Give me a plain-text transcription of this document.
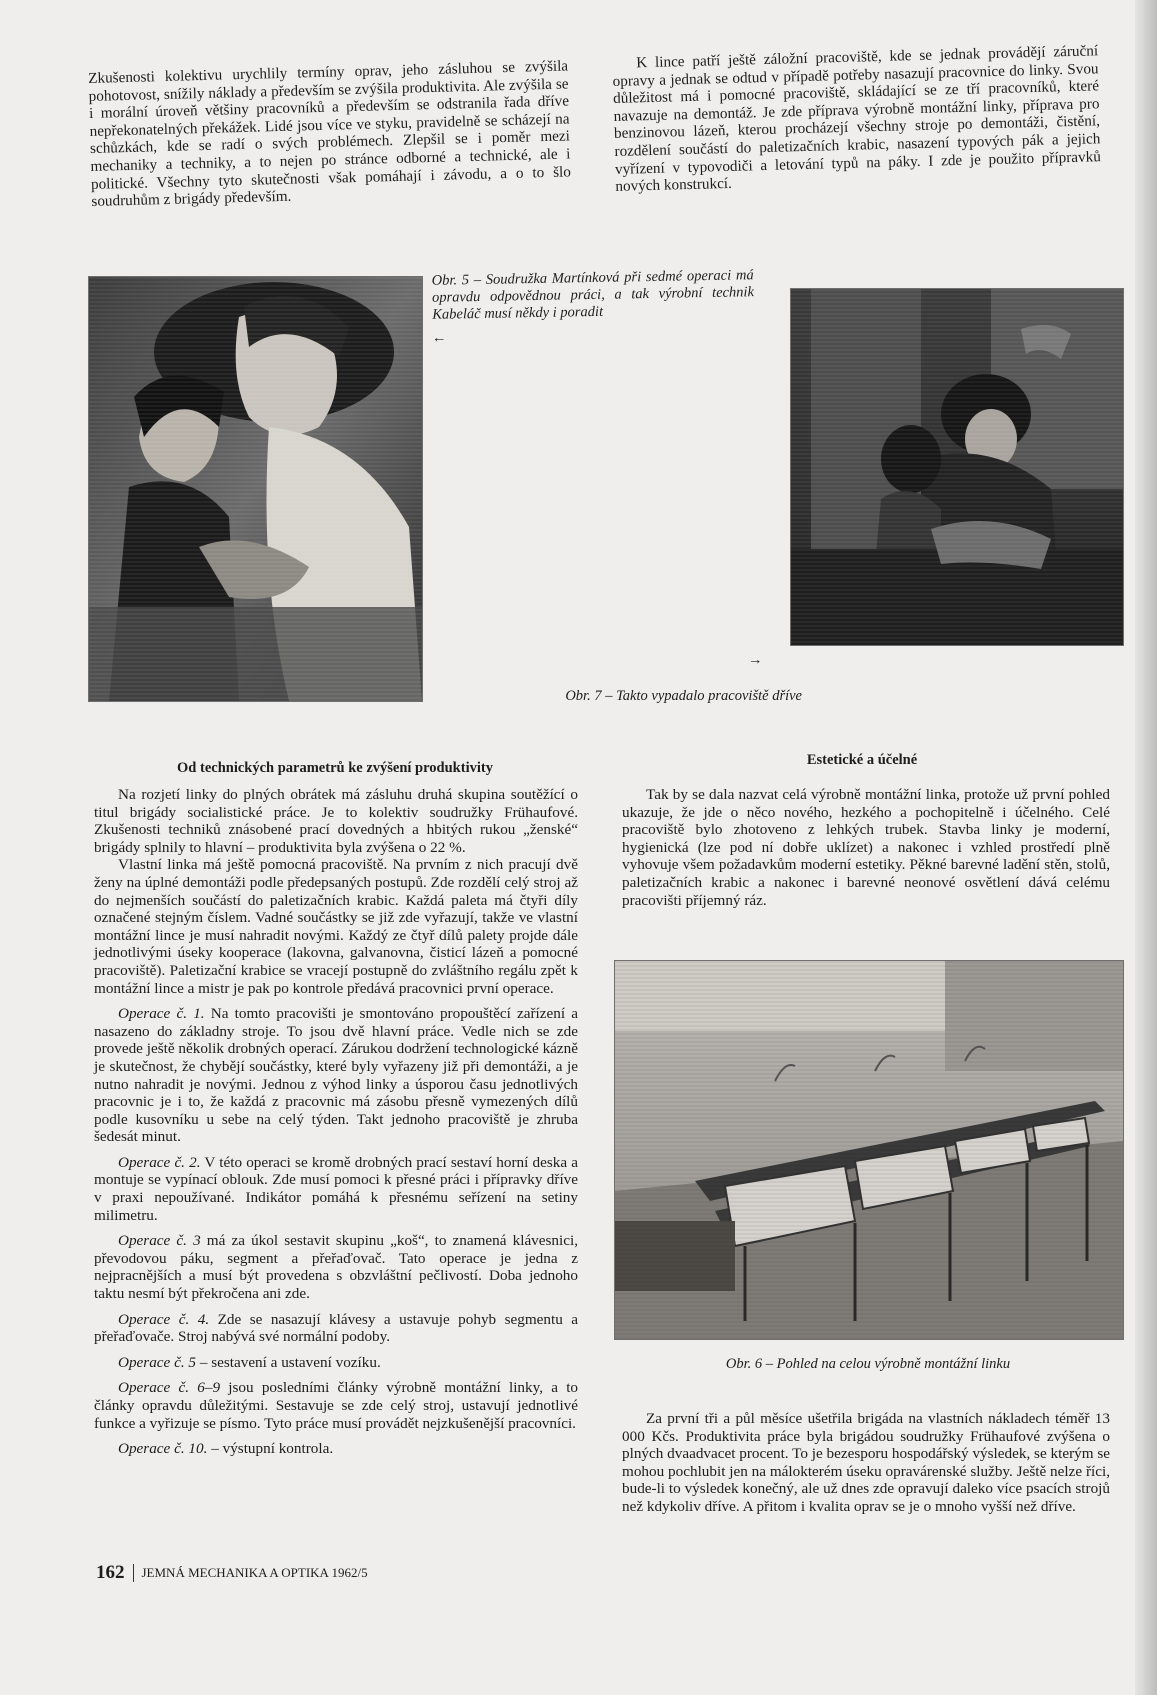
Zkušenosti kolektivu urychlily termíny oprav, jeho zásluhou se zvýšila pohotovost, snížily náklady a především se zvýšila produktivita. Ale zvýšila se i morální úroveň většiny pracovníků a především se odstranila řada dříve nepřekonatelných překážek. Lidé jsou více ve styku, pravidelně se scházejí na schůzkách, kde se radí o svých problémech. Zlepšil se i poměr mezi mechaniky a techniky, a to nejen po stránce odborné a technické, ale i politické. Všechny tyto skutečnosti však pomáhají i závodu, a o to šlo soudruhům z brigády především.

K lince patří ještě záložní pracoviště, kde se jednak provádějí záruční opravy a jednak se odtud v případě potřeby nasazují pracovnice do linky. Svou důležitost má i pomocné pracoviště, skládající se ze tří pracovníků, které navazuje na demontáž. Je zde příprava výrobně montážní linky, příprava pro benzinovou lázeň, kterou procházejí všechny stroje po demontáži, čistění, rozdělení součástí do paletizačních krabic, nasazení typových pák a jejich vyřízení v typovodiči a letování typů na páky. I zde je použito přípravků nových konstrukcí.

Obr. 5 – Soudružka Martínková při sedmé operaci má opravdu odpovědnou práci, a tak výrobní technik Kabeláč musí někdy i poradit
←
→
Obr. 7 – Takto vypadalo pracoviště dříve
Od technických parametrů ke zvýšení produktivity

Na rozjetí linky do plných obrátek má zásluhu druhá skupina soutěžící o titul brigády socialistické práce. Je to kolektiv soudružky Frühaufové. Zkušenosti techniků znásobené prací dovedných a hbitých rukou „ženské“ brigády splnily to hlavní – produktivita byla zvýšena o 22 %.

Vlastní linka má ještě pomocná pracoviště. Na prvním z nich pracují dvě ženy na úplné demontáži podle předepsaných postupů. Zde rozdělí celý stroj až do nejmenších součástí do paletizačních krabic. Každá paleta má čtyři díly označené stejným číslem. Vadné součástky se již zde vyřazují, takže ve vlastní montážní lince je musí nahradit novými. Každý ze čtyř dílů palety projde dále jednotlivými úseky kooperace (lakovna, galvanovna, čisticí lázeň a pomocné pracoviště). Paletizační krabice se vracejí postupně do zvláštního regálu zpět k montážní lince a mistr je pak po kontrole předává pracovnici první operace.

Operace č. 1. Na tomto pracovišti je smontováno propouštěcí zařízení a nasazeno do základny stroje. To jsou dvě hlavní práce. Vedle nich se zde provede ještě několik drobných operací. Zárukou dodržení technologické kázně je skutečnost, že chybějí součástky, které byly vyřazeny již při demontáži, a je nutno nahradit je novými. Jednou z výhod linky a úsporou času jednotlivých pracovnic je i to, že každá z pracovnic má zásobu přesně vymezených dílů podle kusovníku u sebe na celý týden. Takt jednoho pracoviště je zhruba šedesát minut.

Operace č. 2. V této operaci se kromě drobných prací sestaví horní deska a montuje se vypínací oblouk. Zde musí pomoci k přesné práci i přípravky dříve v praxi nepoužívané. Indikátor pomáhá k přesnému seřízení na setiny milimetru.

Operace č. 3 má za úkol sestavit skupinu „koš“, to znamená klávesnici, převodovou páku, segment a přeřaďovač. Tato operace je jedna z nejpracnějších a musí být provedena s obzvláštní pečlivostí. Doba jednoho taktu nesmí být překročena ani zde.

Operace č. 4. Zde se nasazují klávesy a ustavuje pohyb segmentu a přeřaďovače. Stroj nabývá své normální podoby.

Operace č. 5 – sestavení a ustavení vozíku.

Operace č. 6–9 jsou posledními články výrobně montážní linky, a to články opravdu důležitými. Sestavuje se zde celý stroj, ustavují jednotlivé funkce a vyřizuje se písmo. Tyto práce musí provádět nejzkušenější pracovníci.

Operace č. 10. – výstupní kontrola.

Estetické a účelné

Tak by se dala nazvat celá výrobně montážní linka, protože už první pohled ukazuje, že jde o něco nového, hezkého a pochopitelně i účelného. Celé pracoviště bylo zhotoveno z lehkých trubek. Stavba linky je moderní, hygienická (lze pod ní dobře uklízet) a nakonec i vzhled prostředí plně vyhovuje všem požadavkům moderní estetiky. Pěkné barevné ladění stěn, stolů, paletizačních krabic a nakonec i barevné neonové osvětlení dává celému pracovišti příjemný ráz.

Obr. 6 – Pohled na celou výrobně montážní linku

Za první tři a půl měsíce ušetřila brigáda na vlastních nákladech téměř 13 000 Kčs. Produktivita práce byla brigádou soudružky Frühaufové zvýšena o plných dvaadvacet procent. To je bezesporu hospodářský výsledek, se kterým se mohou pochlubit jen na málokterém úseku opravárenské služby. Ještě nelze říci, bude-li to výsledek konečný, ale už dnes zde opravují daleko více psacích strojů než kdykoliv dříve. A přitom i kvalita oprav se je o mnoho vyšší než dříve.

162 JEMNÁ MECHANIKA A OPTIKA 1962/5
